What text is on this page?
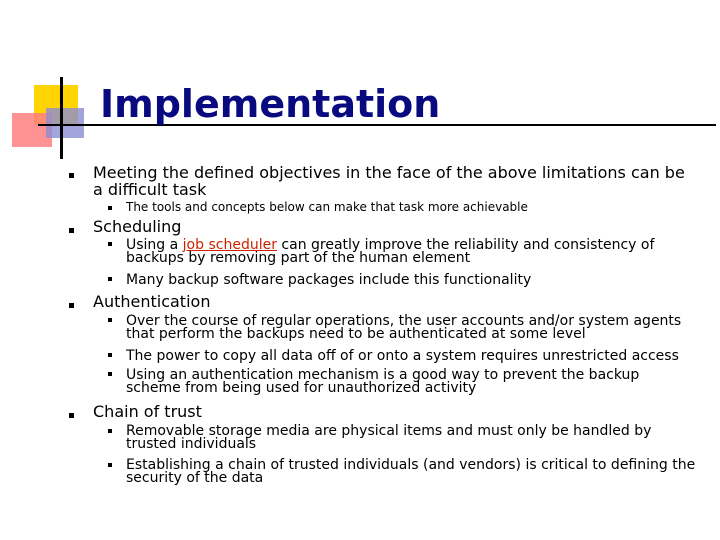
Implementation
Meeting the defined objectives in the face of the above limitations can be a difficult task
The tools and concepts below can make that task more achievable
Scheduling
Using a job scheduler can greatly improve the reliability and consistency of backups by removing part of the human element
Many backup software packages include this functionality
Authentication
Over the course of regular operations, the user accounts and/or system agents that perform the backups need to be authenticated at some level
The power to copy all data off of or onto a system requires unrestricted access
Using an authentication mechanism is a good way to prevent the backup scheme from being used for unauthorized activity
Chain of trust
Removable storage media are physical items and must only be handled by trusted individuals
Establishing a chain of trusted individuals (and vendors) is critical to defining the security of the data
